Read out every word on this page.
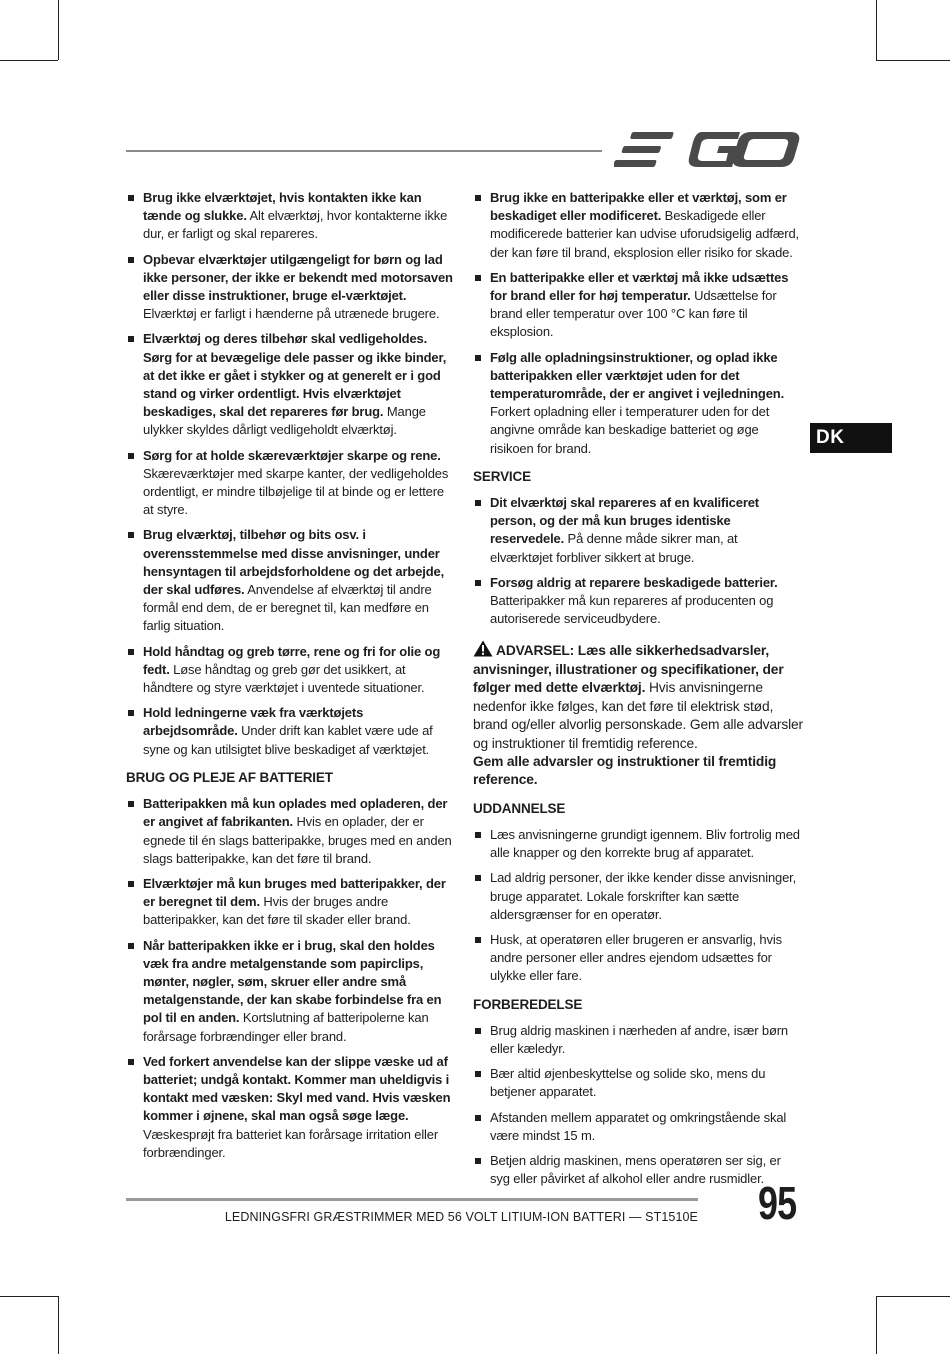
DK
Brug ikke elværktøjet, hvis kontakten ikke kan tænde og slukke. Alt elværktøj, hvor kontakterne ikke dur, er farligt og skal repareres.
Opbevar elværktøjer utilgængeligt for børn og lad ikke personer, der ikke er bekendt med motorsaven eller disse instruktioner, bruge el-værktøjet. Elværktøj er farligt i hænderne på utrænede brugere.
Elværktøj og deres tilbehør skal vedligeholdes. Sørg for at bevægelige dele passer og ikke binder, at det ikke er gået i stykker og at generelt er i god stand og virker ordentligt. Hvis elværktøjet beskadiges, skal det repareres før brug. Mange ulykker skyldes dårligt vedligeholdt elværktøj.
Sørg for at holde skæreværktøjer skarpe og rene. Skæreværktøjer med skarpe kanter, der vedligeholdes ordentligt, er mindre tilbøjelige til at binde og er lettere at styre.
Brug elværktøj, tilbehør og bits osv. i overensstemmelse med disse anvisninger, under hensyntagen til arbejdsforholdene og det arbejde, der skal udføres. Anvendelse af elværktøj til andre formål end dem, de er beregnet til, kan medføre en farlig situation.
Hold håndtag og greb tørre, rene og fri for olie og fedt. Løse håndtag og greb gør det usikkert, at håndtere og styre værktøjet i uventede situationer.
Hold ledningerne væk fra værktøjets arbejdsområde. Under drift kan kablet være ude af syne og kan utilsigtet blive beskadiget af værktøjet.
BRUG OG PLEJE AF BATTERIET
Batteripakken må kun oplades med opladeren, der er angivet af fabrikanten. Hvis en oplader, der er egnede til én slags batteripakke, bruges med en anden slags batteripakke, kan det føre til brand.
Elværktøjer må kun bruges med batteripakker, der er beregnet til dem. Hvis der bruges andre batteripakker, kan det føre til skader eller brand.
Når batteripakken ikke er i brug, skal den holdes væk fra andre metalgenstande som papirclips, mønter, nøgler, søm, skruer eller andre små metalgenstande, der kan skabe forbindelse fra en pol til en anden. Kortslutning af batteripolerne kan forårsage forbrændinger eller brand.
Ved forkert anvendelse kan der slippe væske ud af batteriet; undgå kontakt. Kommer man uheldigvis i kontakt med væsken: Skyl med vand. Hvis væsken kommer i øjnene, skal man også søge læge. Væskesprøjt fra batteriet kan forårsage irritation eller forbrændinger.
Brug ikke en batteripakke eller et værktøj, som er beskadiget eller modificeret. Beskadigede eller modificerede batterier kan udvise uforudsigelig adfærd, der kan føre til brand, eksplosion eller risiko for skade.
En batteripakke eller et værktøj må ikke udsættes for brand eller for høj temperatur. Udsættelse for brand eller temperatur over 100 °C kan føre til eksplosion.
Følg alle opladningsinstruktioner, og oplad ikke batteripakken eller værktøjet uden for det temperaturområde, der er angivet i vejledningen. Forkert opladning eller i temperaturer uden for det angivne område kan beskadige batteriet og øge risikoen for brand.
SERVICE
Dit elværktøj skal repareres af en kvalificeret person, og der må kun bruges identiske reservedele. På denne måde sikrer man, at elværktøjet forbliver sikkert at bruge.
Forsøg aldrig at reparere beskadigede batterier. Batteripakker må kun repareres af producenten og autoriserede serviceudbydere.
ADVARSEL: Læs alle sikkerhedsadvarsler, anvisninger, illustrationer og specifikationer, der følger med dette elværktøj. Hvis anvisningerne nedenfor ikke følges, kan det føre til elektrisk stød, brand og/eller alvorlig personskade. Gem alle advarsler og instruktioner til fremtidig reference.
Gem alle advarsler og instruktioner til fremtidig reference.
UDDANNELSE
Læs anvisningerne grundigt igennem. Bliv fortrolig med alle knapper og den korrekte brug af apparatet.
Lad aldrig personer, der ikke kender disse anvisninger, bruge apparatet. Lokale forskrifter kan sætte aldersgrænser for en operatør.
Husk, at operatøren eller brugeren er ansvarlig, hvis andre personer eller andres ejendom udsættes for ulykke eller fare.
FORBEREDELSE
Brug aldrig maskinen i nærheden af andre, især børn eller kæledyr.
Bær altid øjenbeskyttelse og solide sko, mens du betjener apparatet.
Afstanden mellem apparatet og omkringstående skal være mindst 15 m.
Betjen aldrig maskinen, mens operatøren ser sig, er syg eller påvirket af alkohol eller andre rusmidler.
LEDNINGSFRI GRÆSTRIMMER MED 56 VOLT LITIUM-ION BATTERI — ST1510E 95
